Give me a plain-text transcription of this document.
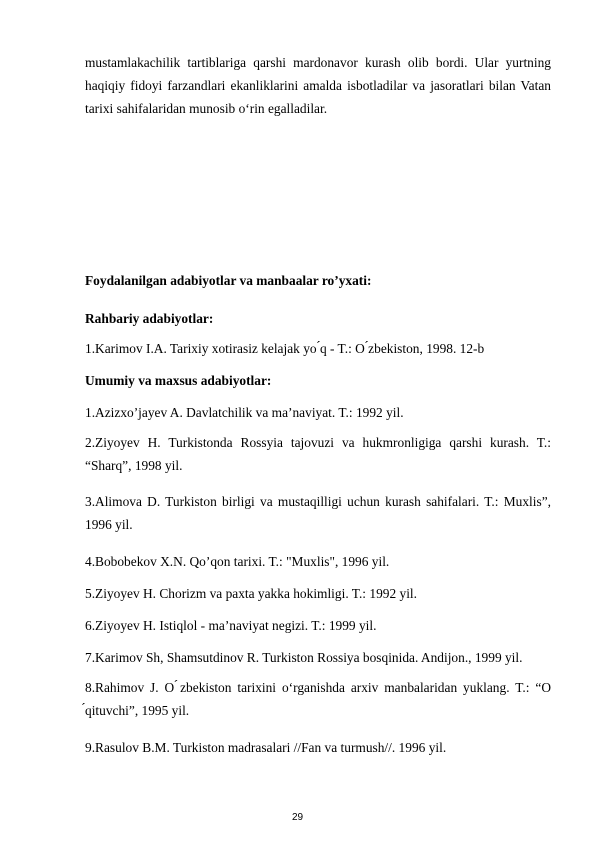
mustamlakachilik tartiblariga qarshi mardonavor kurash olib bordi. Ular yurtning haqiqiy fidoyi farzandlari ekanliklarini amalda isbotladilar va jasoratlari bilan Vatan tarixi sahifalaridan munosib o‘rin egalladilar.

Foydalanilgan adabiyotlar va manbaalar ro’yxati:

Rahbariy adabiyotlar:

1.Karimov I.A. Tarixiy xotirasiz kelajak yo ́q - T.: O ́zbekiston, 1998. 12-b

Umumiy va maxsus adabiyotlar:

1.Azizxo’jayev A. Davlatchilik va ma’naviyat. T.: 1992 yil.

2.Ziyoyev H. Turkistonda Rossyia tajovuzi va hukmronligiga qarshi kurash. T.: “Sharq”, 1998 yil.

3.Alimova D. Turkiston birligi va mustaqilligi uchun kurash sahifalari. T.: Muxlis”, 1996 yil.

4.Bobobekov X.N. Qo’qon tarixi. T.: "Muxlis", 1996 yil.

5.Ziyoyev H. Chorizm va paxta yakka hokimligi. T.: 1992 yil.

6.Ziyoyev H. Istiqlol - ma’naviyat negizi. T.: 1999 yil.

7.Karimov Sh, Shamsutdinov R. Turkiston Rossiya bosqinida. Andijon., 1999 yil.

8.Rahimov J. O ́zbekiston tarixini o‘rganishda arxiv manbalaridan yuklang. T.: “O ́qituvchi”, 1995 yil.

9.Rasulov B.M. Turkiston madrasalari //Fan va turmush//. 1996 yil.

29
